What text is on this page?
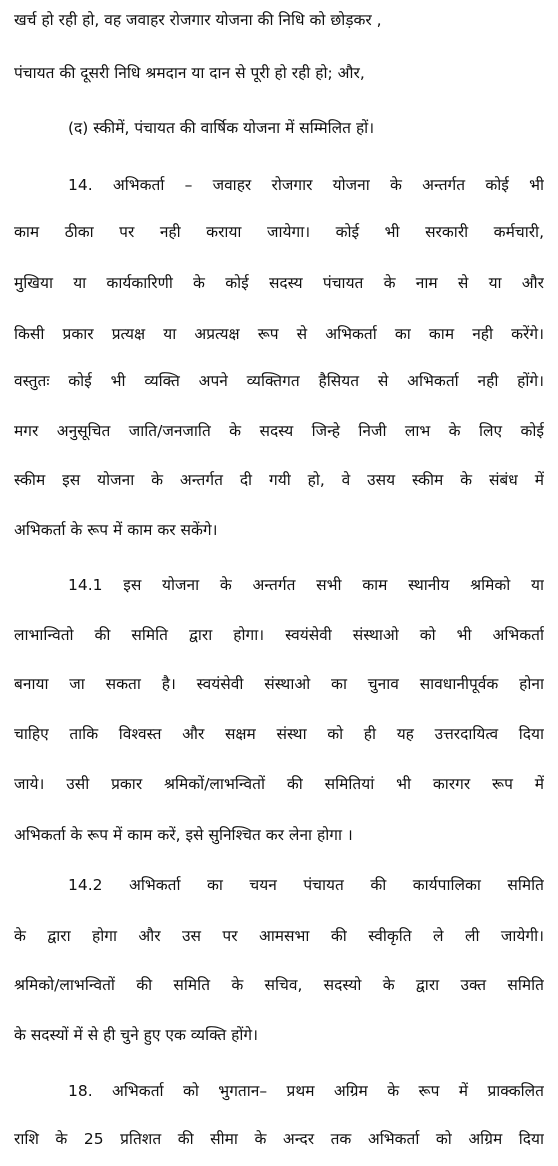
खर्च हो रही हो, वह जवाहर रोजगार योजना की निधि को छोड़कर ,
पंचायत की दूसरी निधि श्रमदान या दान से पूरी हो रही हो; और,
(द) स्कीमें, पंचायत की वार्षिक योजना में सम्मिलित हों।
14. अभिकर्ता – जवाहर रोजगार योजना के अन्तर्गत कोई भी
काम ठीका पर नही कराया जायेगा। कोई भी सरकारी कर्मचारी,
मुखिया या कार्यकारिणी के कोई सदस्य पंचायत के नाम से या और
किसी प्रकार प्रत्यक्ष या अप्रत्यक्ष रूप से अभिकर्ता का काम नही करेंगे।
वस्तुतः कोई भी व्यक्ति अपने व्यक्तिगत हैसियत से अभिकर्ता नही होंगे।
मगर अनुसूचित जाति/जनजाति के सदस्य जिन्हे निजी लाभ के लिए कोई
स्कीम इस योजना के अन्तर्गत दी गयी हो, वे उसय स्कीम के संबंध में
अभिकर्ता के रूप में काम कर सकेंगे।
14.1 इस योजना के अन्तर्गत सभी काम स्थानीय श्रमिको या
लाभान्वितो की समिति द्वारा होगा। स्वयंसेवी संस्थाओ को भी अभिकर्ता
बनाया जा सकता है। स्वयंसेवी संस्थाओ का चुनाव सावधानीपूर्वक होना
चाहिए ताकि विश्वस्त और सक्षम संस्था को ही यह उत्तरदायित्व दिया
जाये। उसी प्रकार श्रमिकों/लाभन्वितों की समितियां भी कारगर रूप में
अभिकर्ता के रूप में काम करें, इसे सुनिश्चित कर लेना होगा ।
14.2 अभिकर्ता का चयन पंचायत की कार्यपालिका समिति
के द्वारा होगा और उस पर आमसभा की स्वीकृति ले ली जायेगी।
श्रमिको/लाभन्वितों की समिति के सचिव, सदस्यो के द्वारा उक्त समिति
के सदस्यों में से ही चुने हुए एक व्यक्ति होंगे।
18. अभिकर्ता को भुगतान– प्रथम अग्रिम के रूप में प्राक्कलित
राशि के 25 प्रतिशत की सीमा के अन्दर तक अभिकर्ता को अग्रिम दिया
